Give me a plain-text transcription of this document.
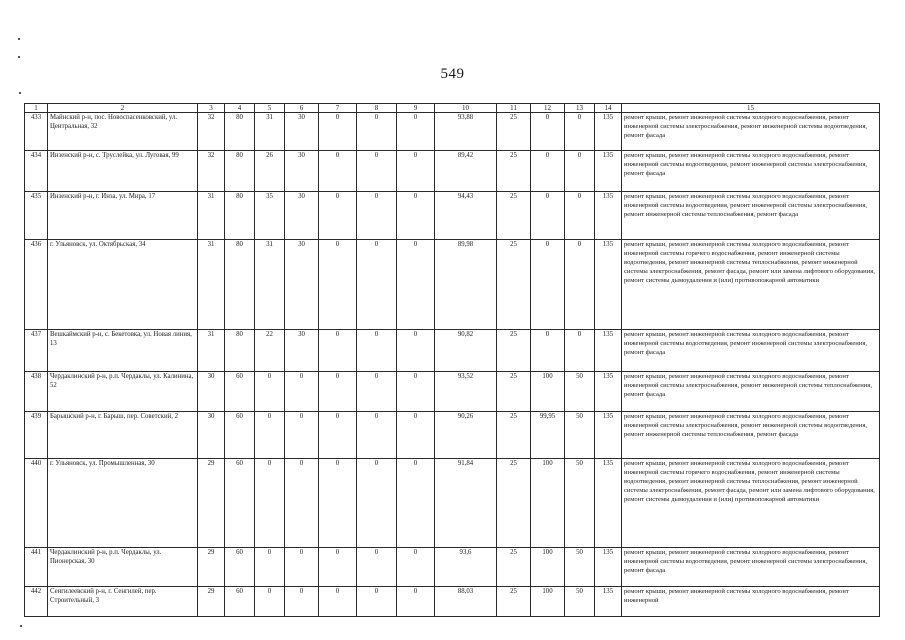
549
1	2	3	4	5	6	7	8	9	10	11	12	13	14	15
433	Майнский р-н, пос. Новоспасенковский, ул. Центральная, 32	32	80	31	30	0	0	0	93,88	25	0	0	135	ремонт крыши, ремонт инженерной системы холодного водоснабжения, ремонт инженерной системы электроснабжения, ремонт инженерной системы водоотведения, ремонт фасада
434	Инзенский р-н, с. Труслейка, ул. Луговая, 99	32	80	26	30	0	0	0	89,42	25	0	0	135	ремонт крыши, ремонт инженерной системы холодного водоснабжения, ремонт инженерной системы водоотведения, ремонт инженерной системы электроснабжения, ремонт фасада
435	Инзенский р-н, г. Инза, ул. Мира, 17	31	80	35	30	0	0	0	94,43	25	0	0	135	ремонт крыши, ремонт инженерной системы холодного водоснабжения, ремонт инженерной системы водоотведения, ремонт инженерной системы электроснабжения, ремонт инженерной системы теплоснабжения, ремонт фасада
436	г. Ульяновск, ул. Октябрьская, 34	31	80	31	30	0	0	0	89,98	25	0	0	135	ремонт крыши, ремонт инженерной системы холодного водоснабжения, ремонт инженерной системы горячего водоснабжения, ремонт инженерной системы водоотведения, ремонт инженерной системы теплоснабжения, ремонт инженерной системы электроснабжения, ремонт фасада, ремонт или замена лифтового оборудования, ремонт системы дымоудаления и (или) противопожарной автоматики
437	Вешкаймский р-н, с. Бекетовка, ул. Новая линия, 13	31	80	22	30	0	0	0	90,82	25	0	0	135	ремонт крыши, ремонт инженерной системы холодного водоснабжения, ремонт инженерной системы водоотведения, ремонт инженерной системы электроснабжения, ремонт фасада
438	Чердаклинский р-н, р.п. Чердаклы, ул. Калинина, 52	30	60	0	0	0	0	0	93,52	25	100	50	135	ремонт крыши, ремонт инженерной системы холодного водоснабжения, ремонт инженерной системы электроснабжения, ремонт инженерной системы теплоснабжения, ремонт фасада
439	Барышский р-н, г. Барыш, пер. Советский, 2	30	60	0	0	0	0	0	90,26	25	99,95	50	135	ремонт крыши, ремонт инженерной системы холодного водоснабжения, ремонт инженерной системы электроснабжения, ремонт инженерной системы водоотведения, ремонт инженерной системы теплоснабжения, ремонт фасада
440	г. Ульяновск, ул. Промышленная, 30	29	60	0	0	0	0	0	91,84	25	100	50	135	ремонт крыши, ремонт инженерной системы холодного водоснабжения, ремонт инженерной системы горячего водоснабжения, ремонт инженерной системы водоотведения, ремонт инженерной системы теплоснабжения, ремонт инженерной системы электроснабжения, ремонт фасада, ремонт или замена лифтового оборудования, ремонт системы дымоудаления и (или) противопожарной автоматики
441	Чердаклинский р-н, р.п. Чердаклы, ул. Пионерская, 30	29	60	0	0	0	0	0	93,6	25	100	50	135	ремонт крыши, ремонт инженерной системы холодного водоснабжения, ремонт инженерной системы водоотведения, ремонт инженерной системы электроснабжения, ремонт фасада
442	Сенгилеевский р-н, г. Сенгилей, пер. Строительный, 3	29	60	0	0	0	0	0	88,03	25	100	50	135	ремонт крыши, ремонт инженерной системы холодного водоснабжения, ремонт инженерной
